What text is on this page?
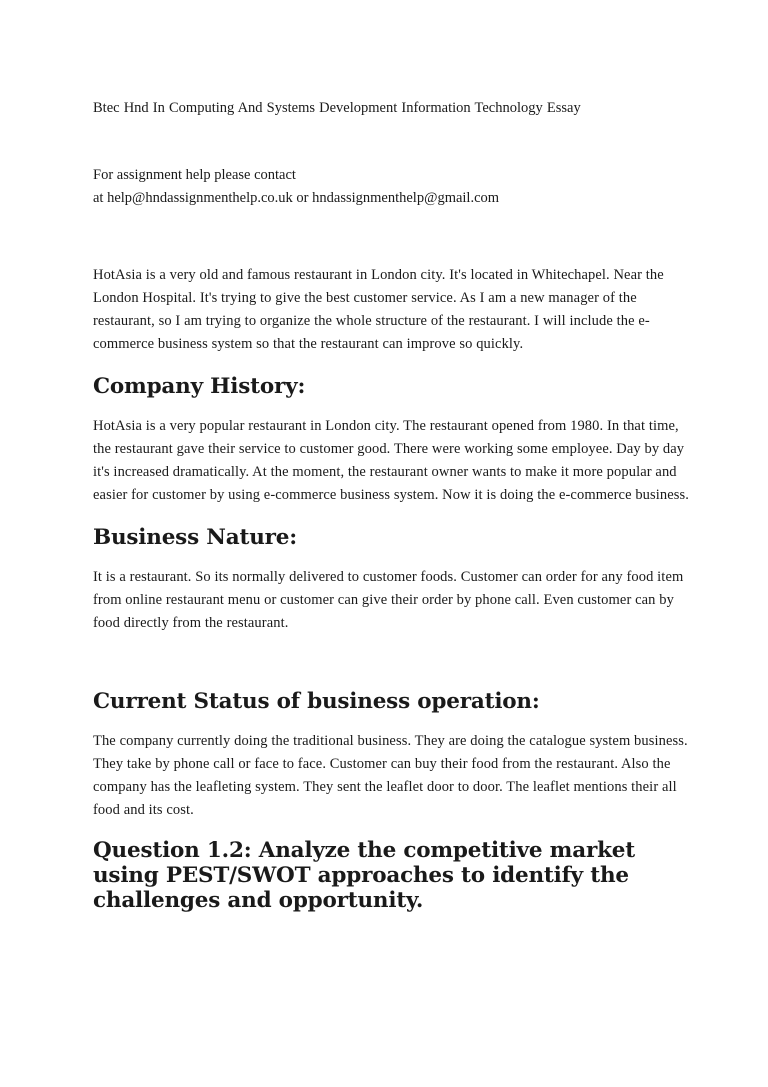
Btec Hnd In Computing And Systems Development Information Technology Essay

For assignment help please contact
at help@hndassignmenthelp.co.uk or hndassignmenthelp@gmail.com

HotAsia is a very old and famous restaurant in London city. It's located in Whitechapel. Near the London Hospital. It's trying to give the best customer service. As I am a new manager of the restaurant, so I am trying to organize the whole structure of the restaurant. I will include the e-commerce business system so that the restaurant can improve so quickly.

Company History:

HotAsia is a very popular restaurant in London city. The restaurant opened from 1980. In that time, the restaurant gave their service to customer good. There were working some employee. Day by day it's increased dramatically. At the moment, the restaurant owner wants to make it more popular and easier for customer by using e-commerce business system. Now it is doing the e-commerce business.

Business Nature:

It is a restaurant. So its normally delivered to customer foods. Customer can order for any food item from online restaurant menu or customer can give their order by phone call. Even customer can by food directly from the restaurant.

Current Status of business operation:

The company currently doing the traditional business. They are doing the catalogue system business. They take by phone call or face to face. Customer can buy their food from the restaurant. Also the company has the leafleting system. They sent the leaflet door to door. The leaflet mentions their all food and its cost.

Question 1.2: Analyze the competitive market using PEST/SWOT approaches to identify the challenges and opportunity.
